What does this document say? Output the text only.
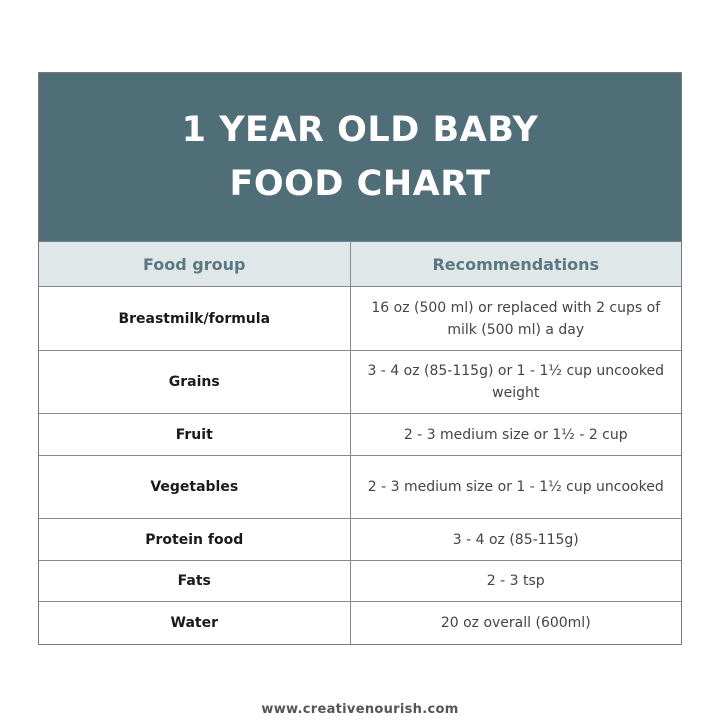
1 YEAR OLD BABY
FOOD CHART
Food group	Recommendations
Breastmilk/formula	16 oz (500 ml) or replaced with 2 cups of milk (500 ml) a day
Grains	3 - 4 oz (85-115g) or 1 - 1½ cup uncooked weight
Fruit	2 - 3 medium size or 1½ - 2 cup
Vegetables	2 - 3 medium size or 1 - 1½ cup uncooked
Protein food	3 - 4 oz (85-115g)
Fats	2 - 3 tsp
Water	20 oz overall (600ml)
www.creativenourish.com
